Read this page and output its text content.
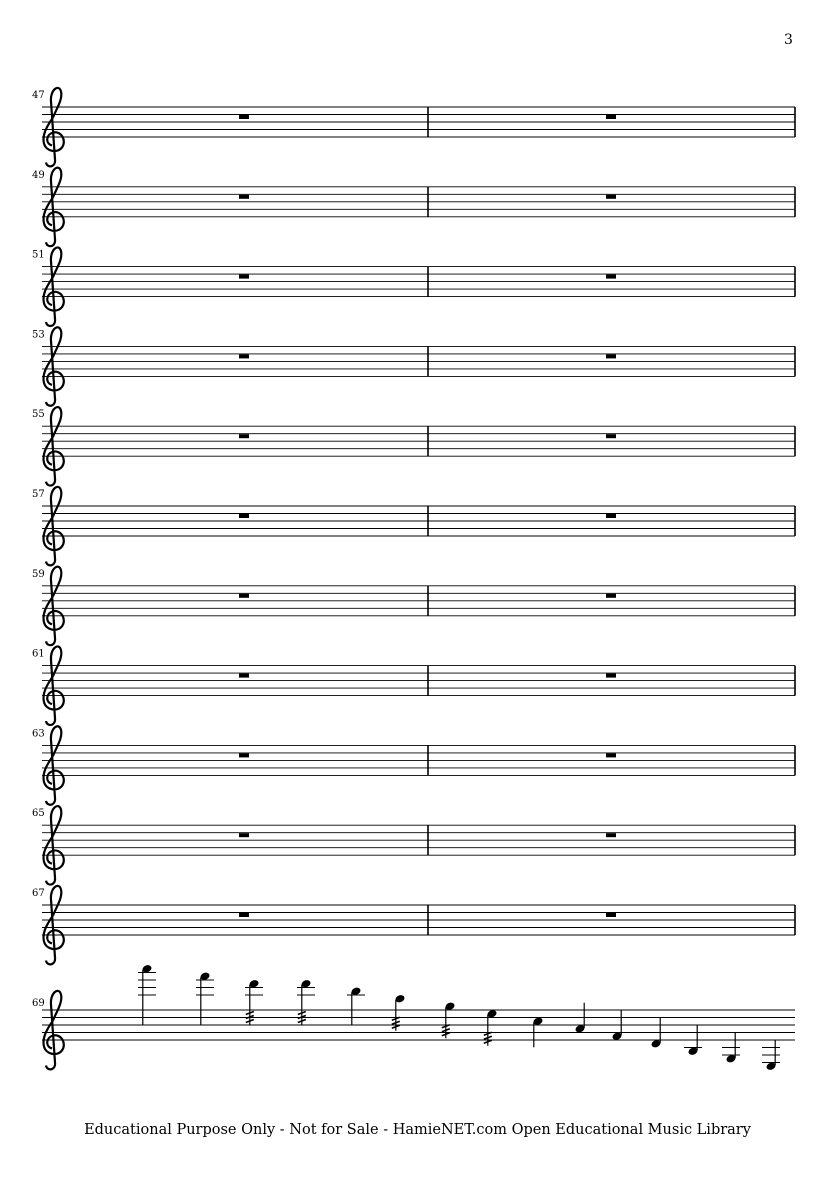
3
47
49
51
53
55
57
59
61
63
65
67
69
Educational Purpose Only - Not for Sale - HamieNET.com Open Educational Music Library
